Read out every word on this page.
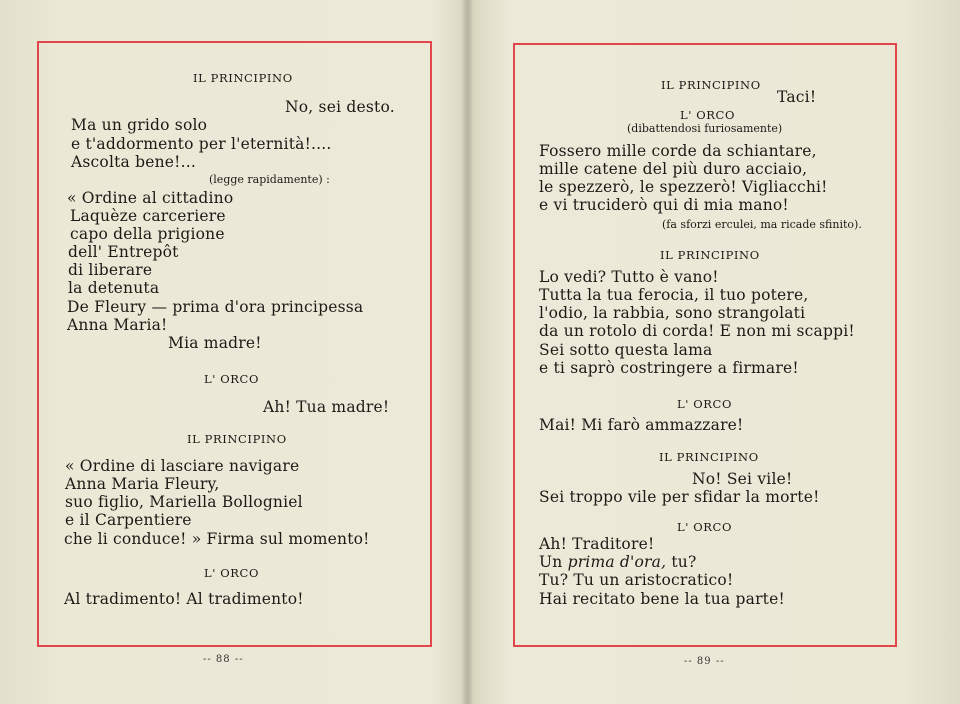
IL PRINCIPINO
No, sei desto.
Ma un grido solo
e t'addormento per l'eternità!....
Ascolta bene!...
(legge rapidamente) :
« Ordine al cittadino
Laquèze carceriere
capo della prigione
dell' Entrepôt
di liberare
la detenuta
De Fleury — prima d'ora principessa
Anna Maria!
Mia madre!
L' ORCO
Ah! Tua madre!
IL PRINCIPINO
« Ordine di lasciare navigare
Anna Maria Fleury,
suo figlio, Mariella Bollogniel
e il Carpentiere
che li conduce! » Firma sul momento!
L' ORCO
Al tradimento! Al tradimento!
-- 88 --
IL PRINCIPINO
Taci!
L' ORCO
(dibattendosi furiosamente)
Fossero mille corde da schiantare,
mille catene del più duro acciaio,
le spezzerò, le spezzerò! Vigliacchi!
e vi truciderò qui di mia mano!
(fa sforzi erculei, ma ricade sfinito).
IL PRINCIPINO
Lo vedi? Tutto è vano!
Tutta la tua ferocia, il tuo potere,
l'odio, la rabbia, sono strangolati
da un rotolo di corda! E non mi scappi!
Sei sotto questa lama
e ti saprò costringere a firmare!
L' ORCO
Mai! Mi farò ammazzare!
IL PRINCIPINO
No! Sei vile!
Sei troppo vile per sfidar la morte!
L' ORCO
Ah! Traditore!
Un prima d'ora, tu?
Tu? Tu un aristocratico!
Hai recitato bene la tua parte!
-- 89 --
